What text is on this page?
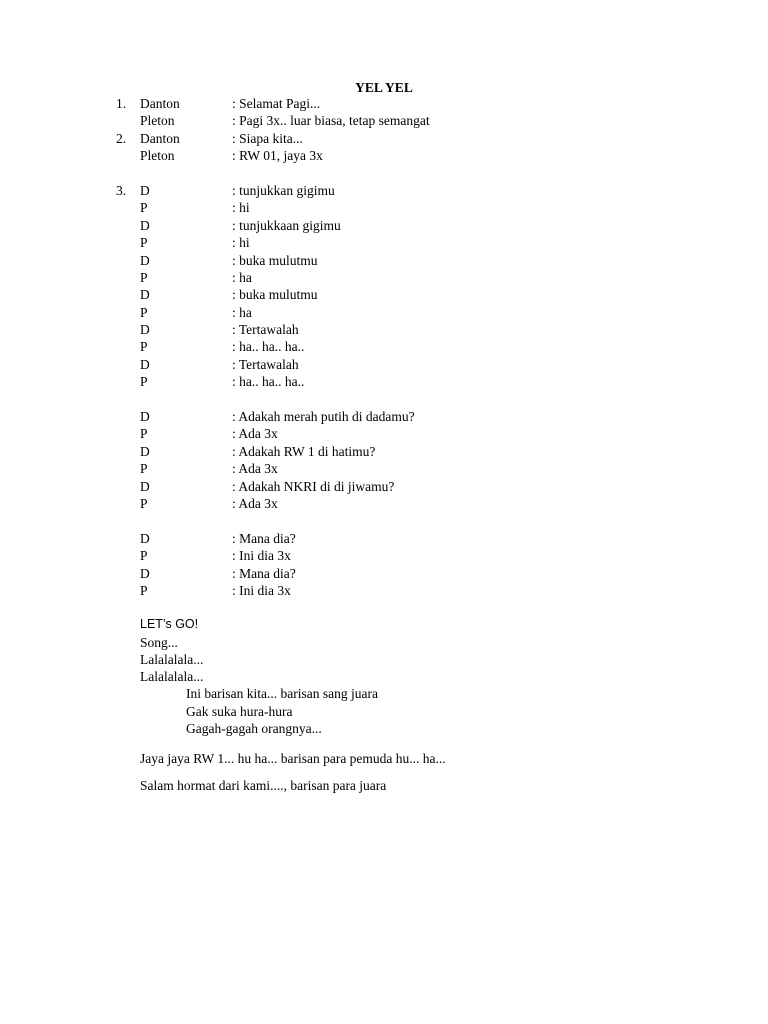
YEL YEL
1. Danton	: Selamat Pagi...
Pleton	: Pagi 3x.. luar biasa, tetap semangat
2. Danton	: Siapa kita...
Pleton	: RW 01, jaya 3x
3. D	: tunjukkan gigimu
P	: hi
D	: tunjukkaan gigimu
P	: hi
D	: buka mulutmu
P	: ha
D	: buka mulutmu
P	: ha
D	: Tertawalah
P	: ha.. ha.. ha..
D	: Tertawalah
P	: ha.. ha.. ha..
D	: Adakah merah putih di dadamu?
P	: Ada 3x
D	: Adakah RW 1 di hatimu?
P	: Ada 3x
D	: Adakah NKRI di di jiwamu?
P	: Ada 3x
D	: Mana dia?
P	: Ini dia 3x
D	: Mana dia?
P	: Ini dia 3x
LET’s GO!
Song...
Lalalalala...
Lalalalala...
Ini barisan kita... barisan sang juara
Gak suka hura-hura
Gagah-gagah orangnya...
Jaya jaya RW 1... hu ha... barisan para pemuda hu... ha...
Salam hormat dari kami...., barisan para juara
